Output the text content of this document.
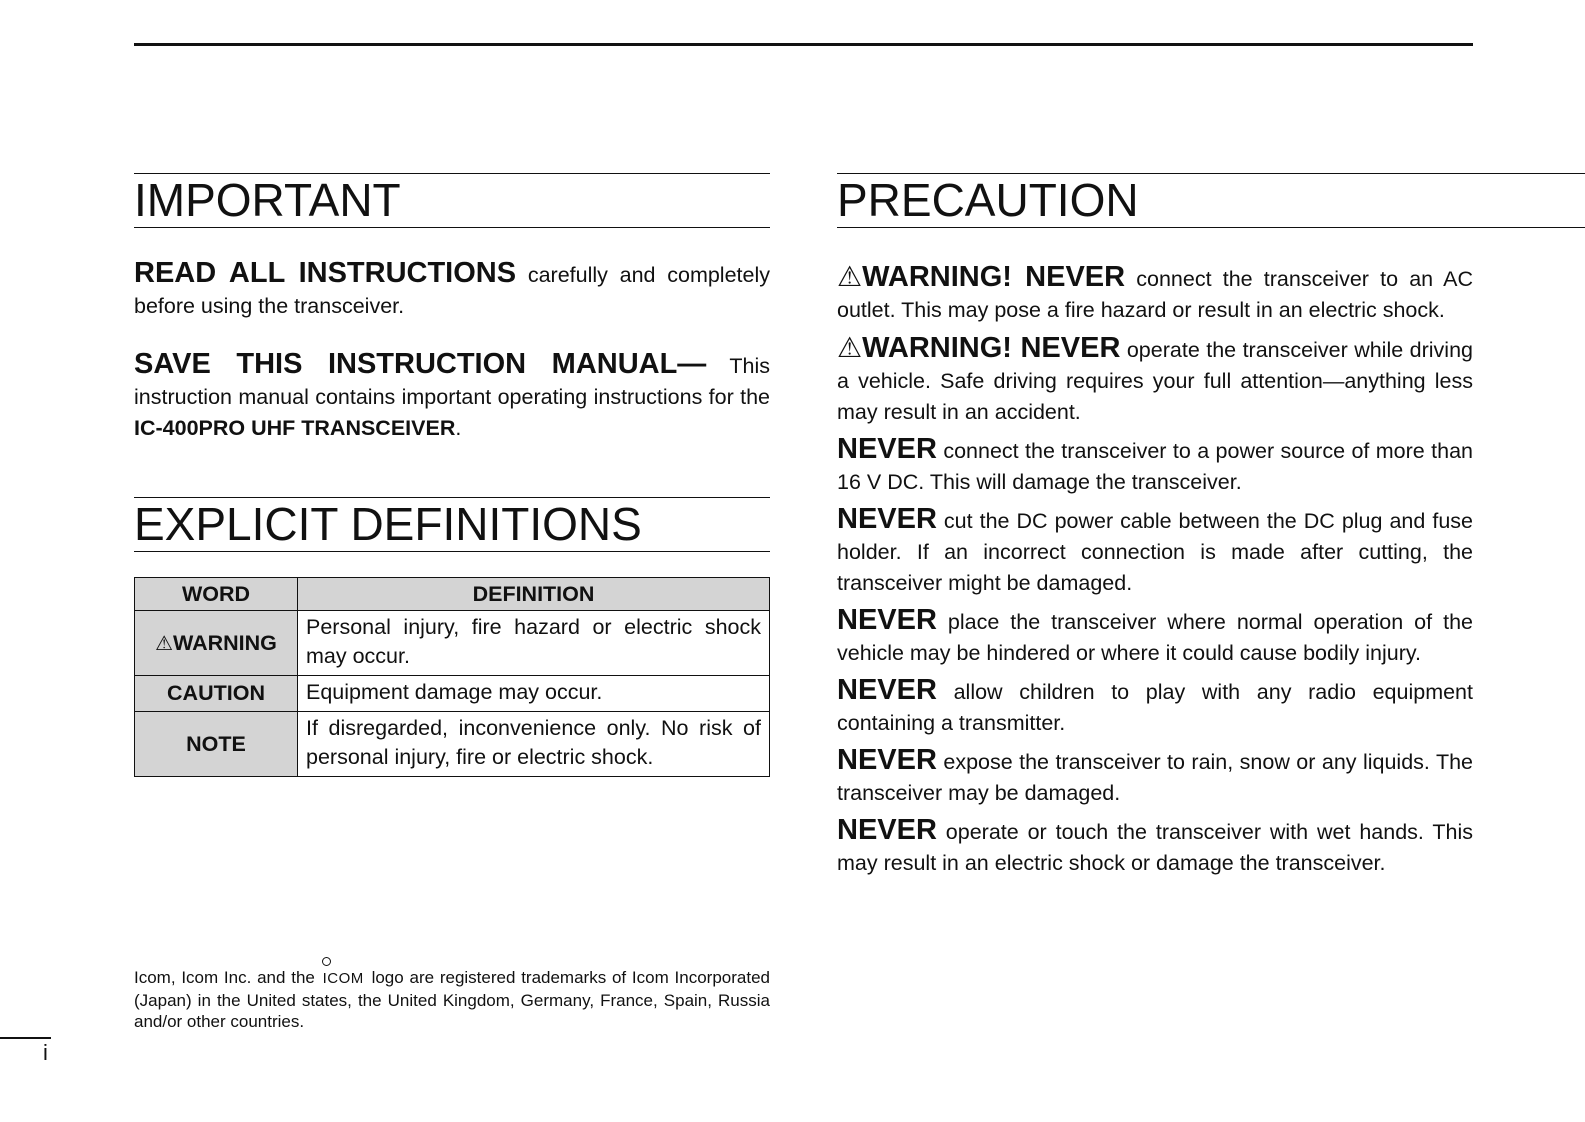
IMPORTANT

READ ALL INSTRUCTIONS carefully and completely before using the transceiver.

SAVE THIS INSTRUCTION MANUAL— This instruction manual contains important operating instructions for the IC-400PRO UHF TRANSCEIVER.

EXPLICIT DEFINITIONS
WORD	DEFINITION
⚠WARNING	Personal injury, fire hazard or electric shock may occur.
CAUTION	Equipment damage may occur.
NOTE	If disregarded, inconvenience only. No risk of personal injury, fire or electric shock.

Icom, Icom Inc. and the
ICOM logo are registered trademarks of Icom Incorporated (Japan) in the United states, the United Kingdom, Germany, France, Spain, Russia and/or other countries.

PRECAUTION

⚠WARNING! NEVER connect the transceiver to an AC outlet. This may pose a fire hazard or result in an electric shock.

⚠WARNING! NEVER operate the transceiver while driving a vehicle. Safe driving requires your full attention—anything less may result in an accident.

NEVER connect the transceiver to a power source of more than 16 V DC. This will damage the transceiver.

NEVER cut the DC power cable between the DC plug and fuse holder. If an incorrect connection is made after cutting, the transceiver might be damaged.

NEVER place the transceiver where normal operation of the vehicle may be hindered or where it could cause bodily injury.

NEVER allow children to play with any radio equipment containing a transmitter.

NEVER expose the transceiver to rain, snow or any liquids. The transceiver may be damaged.

NEVER operate or touch the transceiver with wet hands. This may result in an electric shock or damage the transceiver.

i
